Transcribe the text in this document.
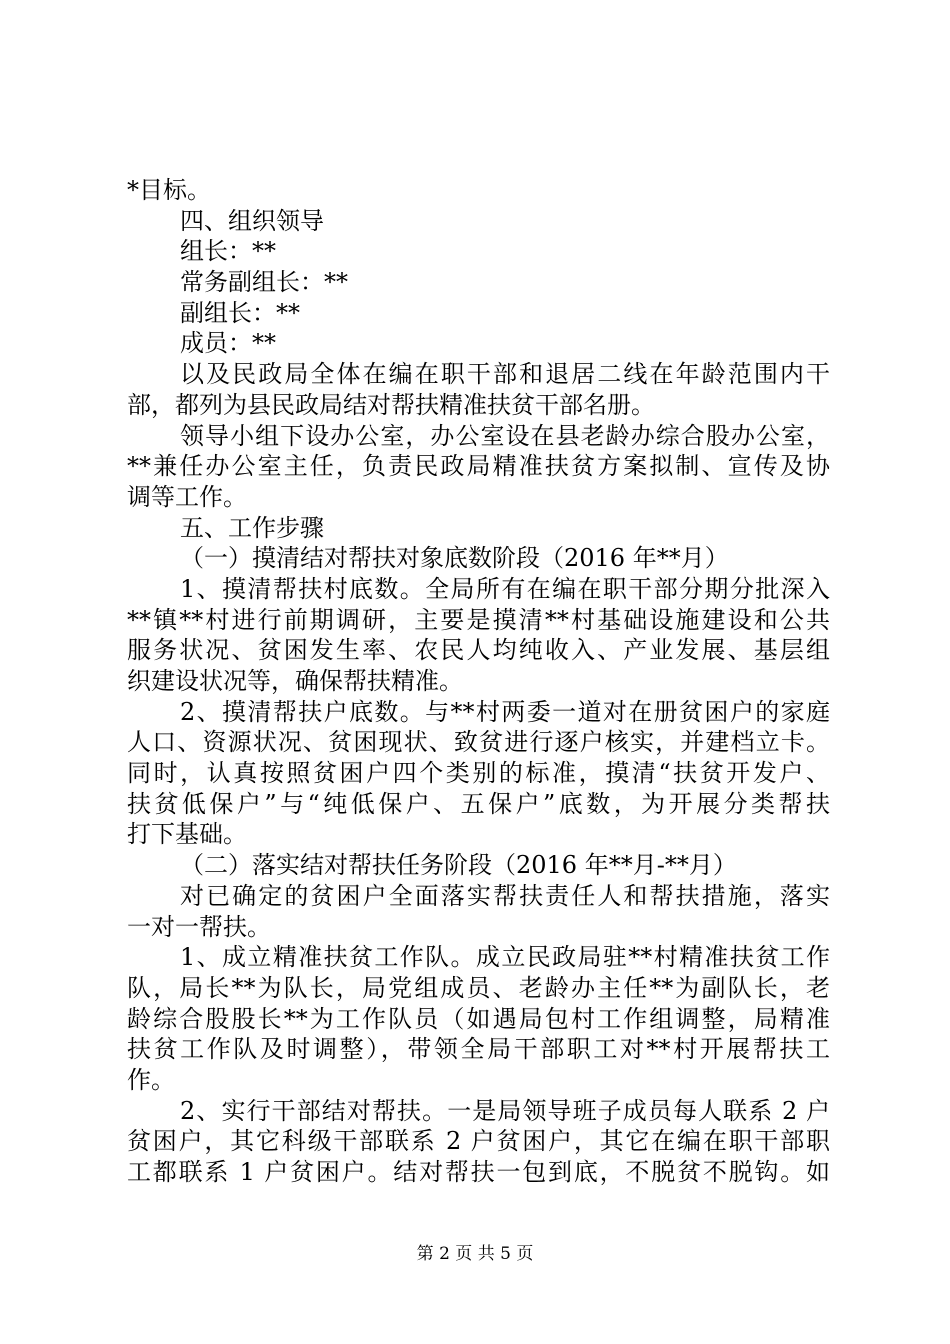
*目标。
四、组织领导
组长：**
常务副组长：**
副组长：**
成员：**
以及民政局全体在编在职干部和退居二线在年龄范围内干
部，都列为县民政局结对帮扶精准扶贫干部名册。
领导小组下设办公室，办公室设在县老龄办综合股办公室，
**兼任办公室主任，负责民政局精准扶贫方案拟制、宣传及协
调等工作。
五、工作步骤
（一）摸清结对帮扶对象底数阶段（2016 年**月）
1、摸清帮扶村底数。全局所有在编在职干部分期分批深入
**镇**村进行前期调研，主要是摸清**村基础设施建设和公共
服务状况、贫困发生率、农民人均纯收入、产业发展、基层组
织建设状况等，确保帮扶精准。
2、摸清帮扶户底数。与**村两委一道对在册贫困户的家庭
人口、资源状况、贫困现状、致贫进行逐户核实，并建档立卡。
同时，认真按照贫困户四个类别的标准，摸清“扶贫开发户、
扶贫低保户”与“纯低保户、五保户”底数，为开展分类帮扶
打下基础。
（二）落实结对帮扶任务阶段（2016 年**月-**月）
对已确定的贫困户全面落实帮扶责任人和帮扶措施，落实
一对一帮扶。
1、成立精准扶贫工作队。成立民政局驻**村精准扶贫工作
队，局长**为队长，局党组成员、老龄办主任**为副队长，老
龄综合股股长**为工作队员（如遇局包村工作组调整，局精准
扶贫工作队及时调整），带领全局干部职工对**村开展帮扶工
作。
2、实行干部结对帮扶。一是局领导班子成员每人联系 2 户
贫困户，其它科级干部联系 2 户贫困户，其它在编在职干部职
工都联系 1 户贫困户。结对帮扶一包到底，不脱贫不脱钩。如
第 2 页 共 5 页
